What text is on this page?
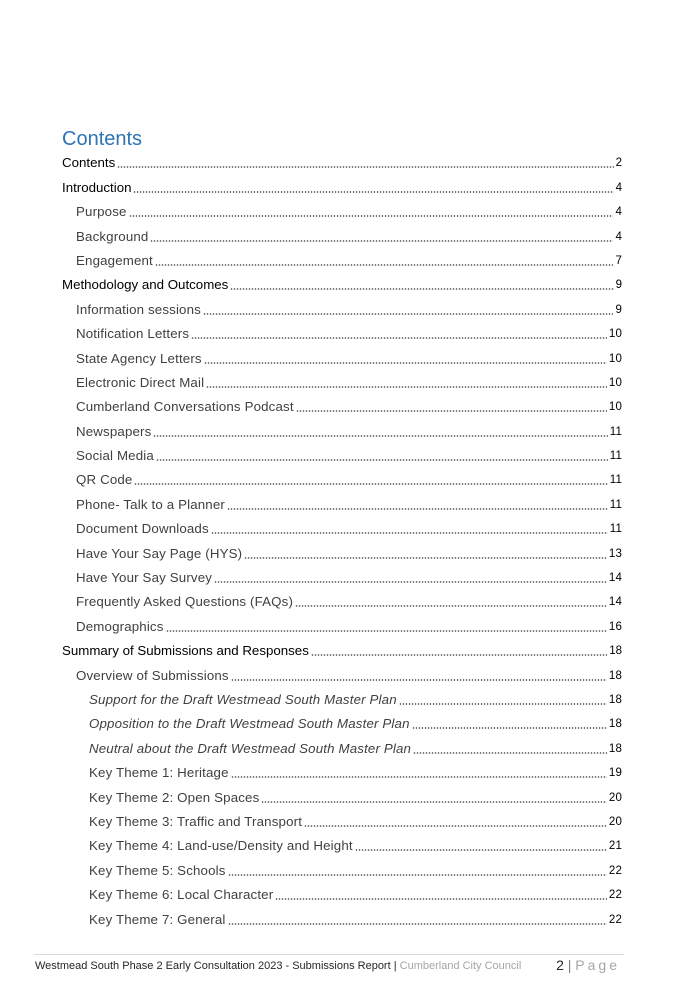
Contents
Contents	2
Introduction	4
Purpose	4
Background	4
Engagement	7
Methodology and Outcomes	9
Information sessions	9
Notification Letters	10
State Agency Letters	10
Electronic Direct Mail	10
Cumberland Conversations Podcast	10
Newspapers	11
Social Media	11
QR Code	11
Phone- Talk to a Planner	11
Document Downloads	11
Have Your Say Page (HYS)	13
Have Your Say Survey	14
Frequently Asked Questions (FAQs)	14
Demographics	16
Summary of Submissions and Responses	18
Overview of Submissions	18
Support for the Draft Westmead South Master Plan	18
Opposition to the Draft Westmead South Master Plan	18
Neutral about the Draft Westmead South Master Plan	18
Key Theme 1: Heritage	19
Key Theme 2: Open Spaces	20
Key Theme 3: Traffic and Transport	20
Key Theme 4: Land-use/Density and Height	21
Key Theme 5: Schools	22
Key Theme 6: Local Character	22
Key Theme 7: General	22
Westmead South Phase 2 Early Consultation 2023 - Submissions Report | Cumberland City Council 2 | Page
